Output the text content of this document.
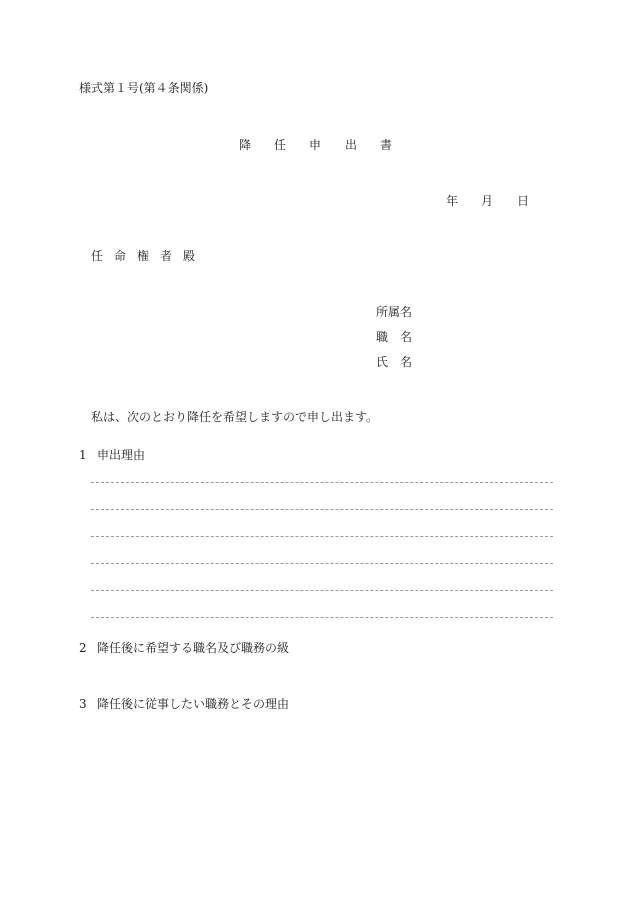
様式第１号(第４条関係)
降 任 申 出 書
年 月 日
任 命 権 者 殿
所属名
職 名
氏 名
私は、次のとおり降任を希望しますので申し出ます。
1 申出理由
2 降任後に希望する職名及び職務の級
3 降任後に従事したい職務とその理由
